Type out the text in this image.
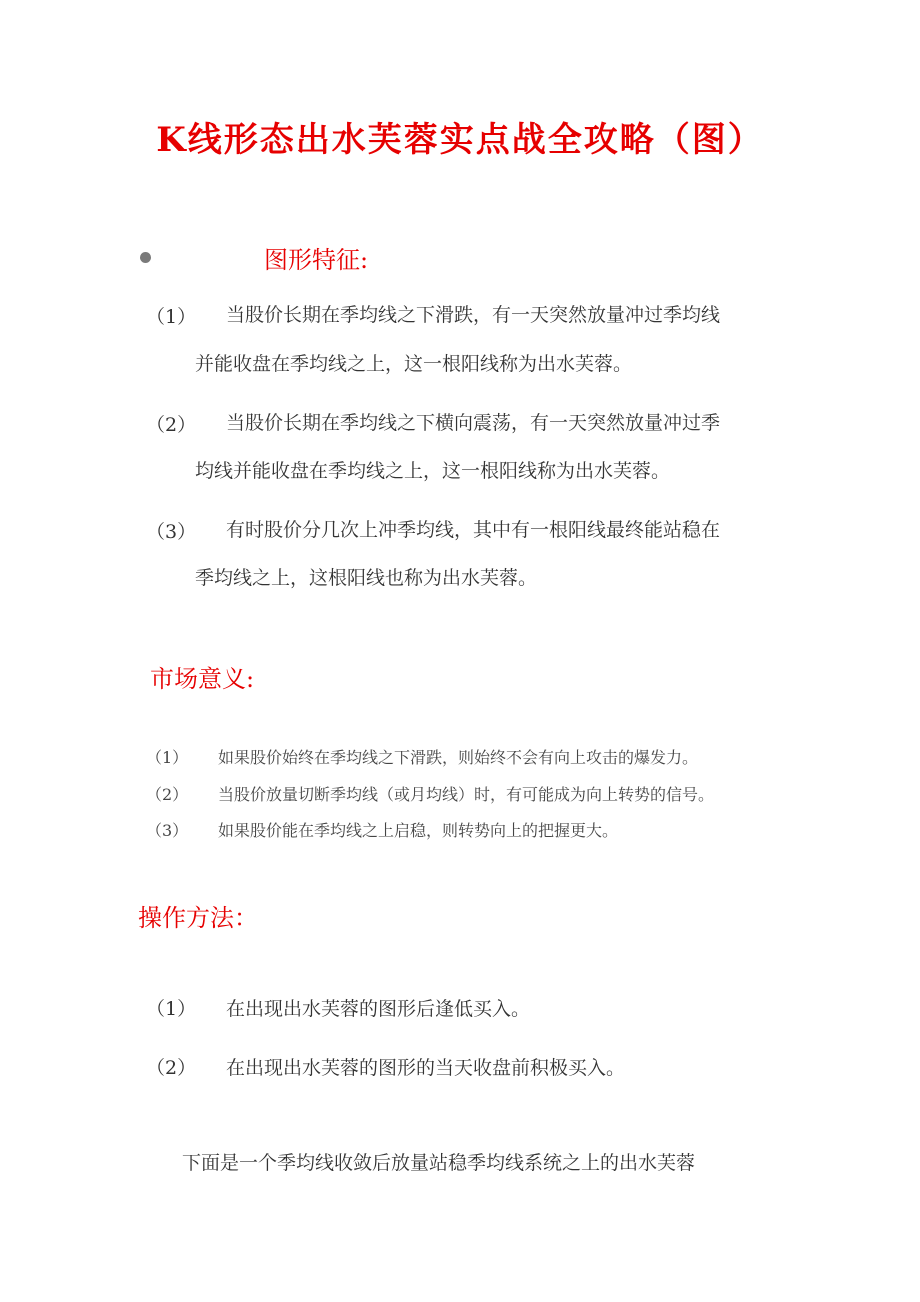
K线形态出水芙蓉实点战全攻略（图）
图形特征:
（1） 当股价长期在季均线之下滑跌，有一天突然放量冲过季均线
并能收盘在季均线之上，这一根阳线称为出水芙蓉。
（2） 当股价长期在季均线之下横向震荡，有一天突然放量冲过季
均线并能收盘在季均线之上，这一根阳线称为出水芙蓉。
（3） 有时股价分几次上冲季均线，其中有一根阳线最终能站稳在
季均线之上，这根阳线也称为出水芙蓉。
市场意义:
（1） 如果股价始终在季均线之下滑跌，则始终不会有向上攻击的爆发力。
（2） 当股价放量切断季均线（或月均线）时，有可能成为向上转势的信号。
（3） 如果股价能在季均线之上启稳，则转势向上的把握更大。
操作方法：
（1） 在出现出水芙蓉的图形后逢低买入。
（2） 在出现出水芙蓉的图形的当天收盘前积极买入。
下面是一个季均线收敛后放量站稳季均线系统之上的出水芙蓉
